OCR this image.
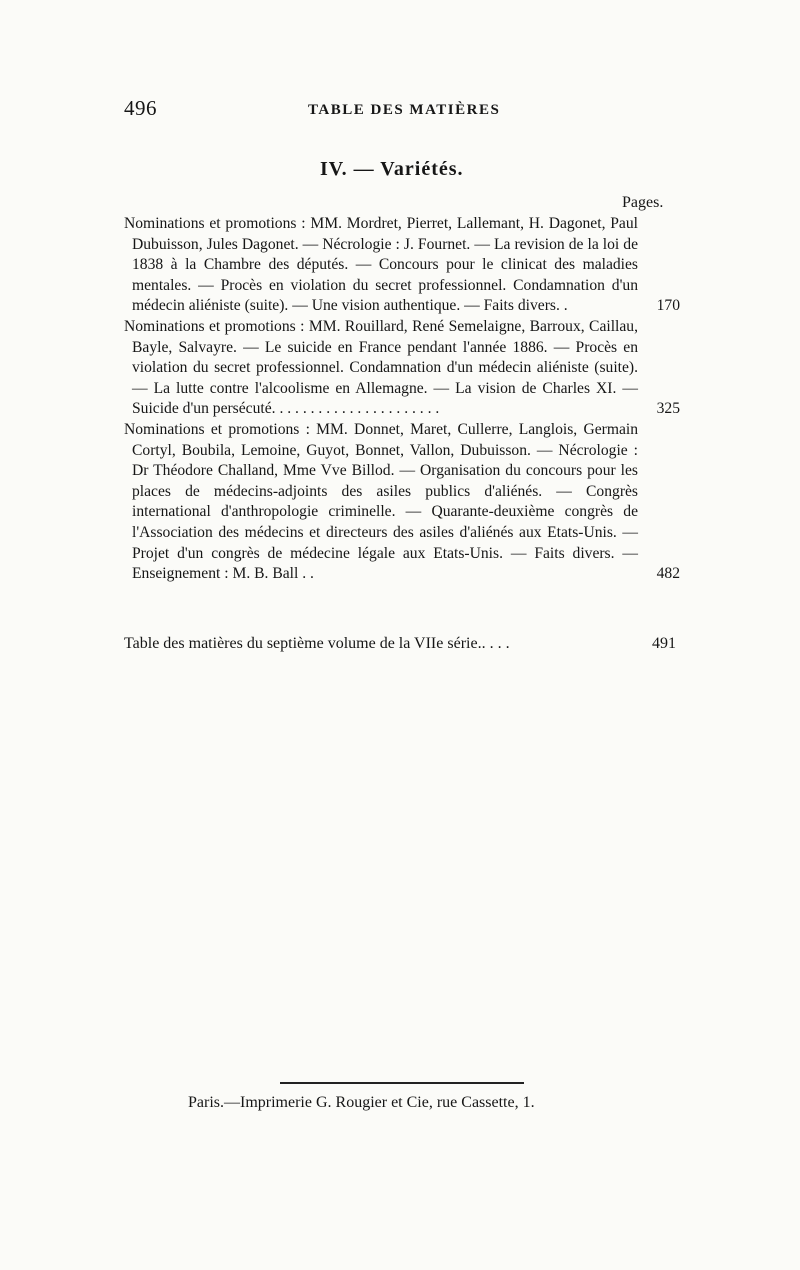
496	TABLE DES MATIÈRES
IV. — Variétés.
Pages.

Nominations et promotions : MM. Mordret, Pierret, Lallemant, H. Dagonet, Paul Dubuisson, Jules Dagonet. — Nécrologie : J. Fournet. — La revision de la loi de 1838 à la Chambre des députés. — Concours pour le clinicat des maladies mentales. — Procès en violation du secret professionnel. Condamnation d'un médecin aliéniste (suite). — Une vision authentique. — Faits divers. .	170

Nominations et promotions : MM. Rouillard, René Semelaigne, Barroux, Caillau, Bayle, Salvayre. — Le suicide en France pendant l'année 1886. — Procès en violation du secret professionnel. Condamnation d'un médecin aliéniste (suite). — La lutte contre l'alcoolisme en Allemagne. — La vision de Charles XI. — Suicide d'un persécuté. . . . . . . . . . . . . . . . . . . . . .	325

Nominations et promotions : MM. Donnet, Maret, Cullerre, Langlois, Germain Cortyl, Boubila, Lemoine, Guyot, Bonnet, Vallon, Dubuisson. — Nécrologie : Dr Théodore Challand, Mme Vve Billod. — Organisation du concours pour les places de médecins-adjoints des asiles publics d'aliénés. — Congrès international d'anthropologie criminelle. — Quarante-deuxième congrès de l'Association des médecins et directeurs des asiles d'aliénés aux Etats-Unis. — Projet d'un congrès de médecine légale aux Etats-Unis. — Faits divers. — Enseignement : M. B. Ball . .	482
Table des matières du septième volume de la VIIe série.. . . .	491
Paris.—Imprimerie G. Rougier et Cie, rue Cassette, 1.
